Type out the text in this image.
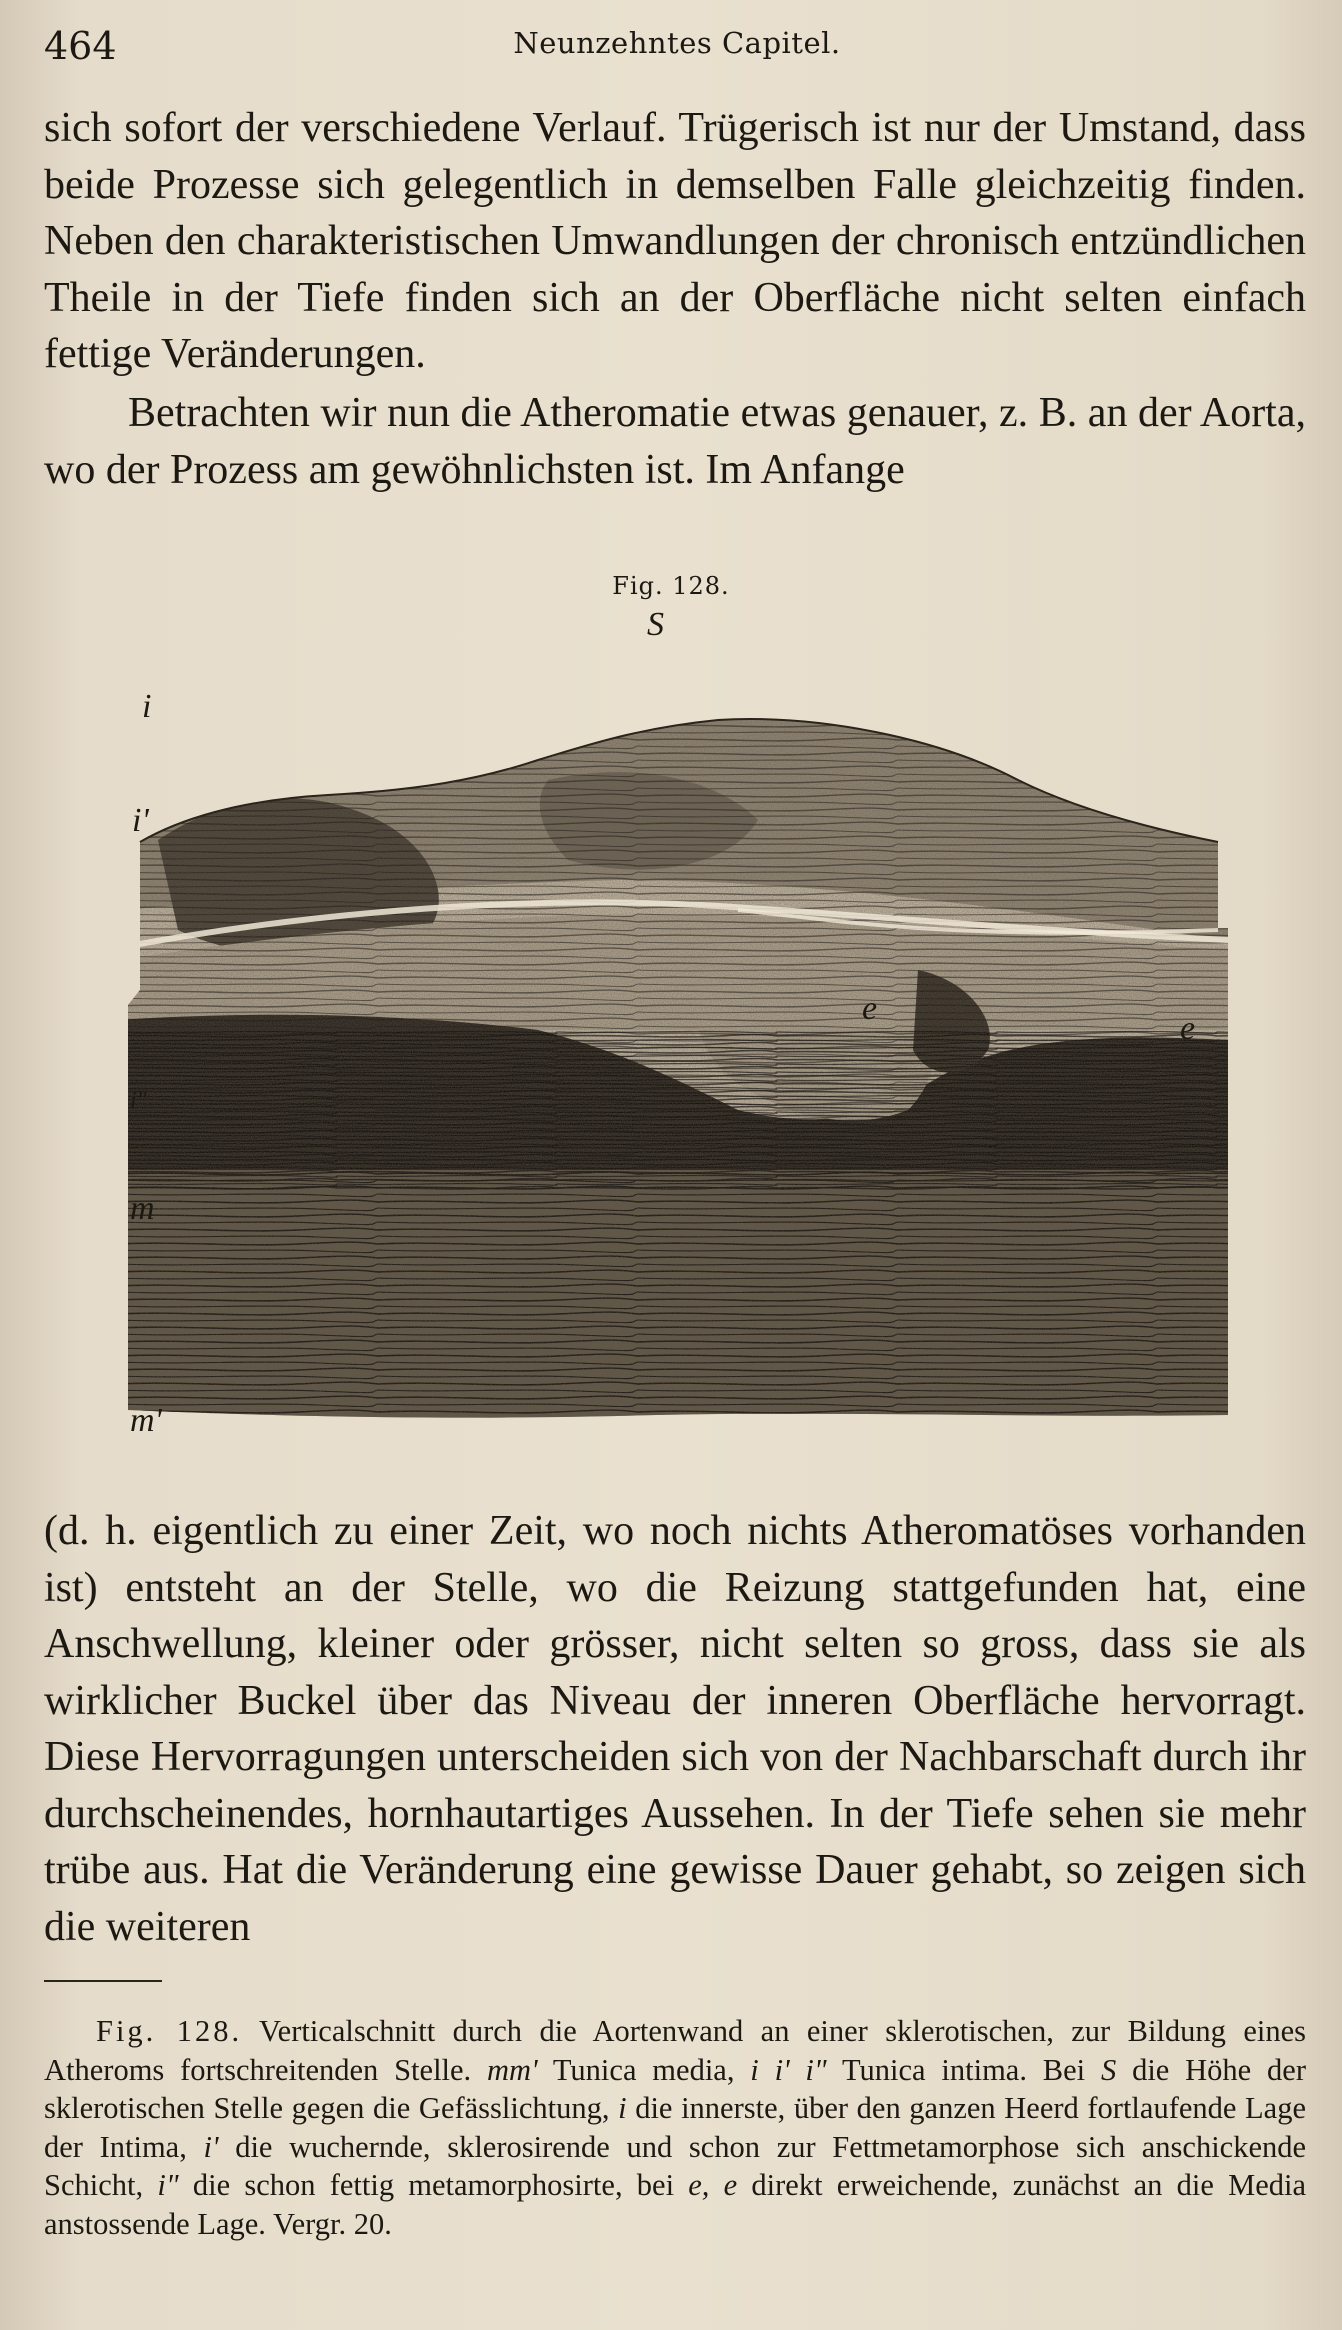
464	Neunzehntes Capitel.

sich sofort der verschiedene Verlauf. Trügerisch ist nur der Umstand, dass beide Prozesse sich gelegentlich in demselben Falle gleichzeitig finden. Neben den charakteristischen Umwandlungen der chronisch entzündlichen Theile in der Tiefe finden sich an der Oberfläche nicht selten einfach fettige Veränderungen.

Betrachten wir nun die Atheromatie etwas genauer, z. B. an der Aorta, wo der Prozess am gewöhnlichsten ist. Im Anfange

Fig. 128.
S
i
i'
i"
e
e
m
m'

(d. h. eigentlich zu einer Zeit, wo noch nichts Atheromatöses vorhanden ist) entsteht an der Stelle, wo die Reizung stattgefunden hat, eine Anschwellung, kleiner oder grösser, nicht selten so gross, dass sie als wirklicher Buckel über das Niveau der inneren Oberfläche hervorragt. Diese Hervorragungen unterscheiden sich von der Nachbarschaft durch ihr durchscheinendes, hornhautartiges Aussehen. In der Tiefe sehen sie mehr trübe aus. Hat die Veränderung eine gewisse Dauer gehabt, so zeigen sich die weiteren

Fig. 128. Verticalschnitt durch die Aortenwand an einer sklerotischen, zur Bildung eines Atheroms fortschreitenden Stelle. mm' Tunica media, i i' i" Tunica intima. Bei S die Höhe der sklerotischen Stelle gegen die Gefässlichtung, i die innerste, über den ganzen Heerd fortlaufende Lage der Intima, i' die wuchernde, sklerosirende und schon zur Fettmetamorphose sich anschickende Schicht, i" die schon fettig metamorphosirte, bei e, e direkt erweichende, zunächst an die Media anstossende Lage. Vergr. 20.
